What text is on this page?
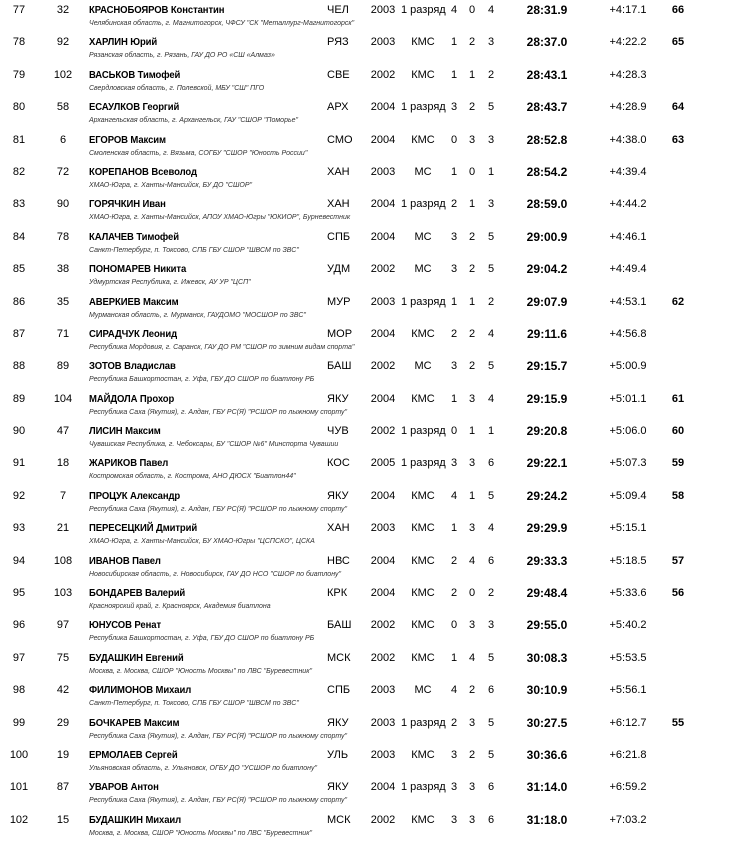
77	32	КРАСНОБОЯРОВ Константин	ЧЕЛ	2003 1 разряд 4 0 4	28:31.9	+4:17.1	66
Челябинская область, г. Магнитогорск, ЧФСУ "СК "Металлург-Магнитогорск"
78	92	ХАРЛИН Юрий	РЯЗ	2003	КМС	1 2 3	28:37.0	+4:22.2	65
Рязанская область, г. Рязань, ГАУ ДО РО «СШ «Алмаз»
79	102	ВАСЬКОВ Тимофей	СВЕ	2002	КМС	1 1 2	28:43.1	+4:28.3
Свердловская область, г. Полевской, МБУ "СШ" ПГО
80	58	ЕСАУЛКОВ Георгий	АРХ	2004 1 разряд 3 2 5	28:43.7	+4:28.9	64
Архангельская область, г. Архангельск, ГАУ "СШОР "Поморье"
81	6	ЕГОРОВ Максим	СМО	2004	КМС	0 3 3	28:52.8	+4:38.0	63
Смоленская область, г. Вязьма, СОГБУ "СШОР "Юность России"
82	72	КОРЕПАНОВ Всеволод	ХАН	2003	МС	1 0 1	28:54.2	+4:39.4
ХМАО-Югра, г. Ханты-Мансийск, БУ ДО "СШОР"
83	90	ГОРЯЧКИН Иван	ХАН	2004 1 разряд 2 1 3	28:59.0	+4:44.2
ХМАО-Югра, г. Ханты-Мансийск, АПОУ ХМАО-Югры "ЮКИОР", Бурневестник
84	78	КАЛАЧЕВ Тимофей	СПБ	2004	МС	3 2 5	29:00.9	+4:46.1
Санкт-Петербург, п. Токсово, СПБ ГБУ СШОР "ШВСМ по ЗВС"
85	38	ПОНОМАРЕВ Никита	УДМ	2002	МС	3 2 5	29:04.2	+4:49.4
Удмуртская Республика, г. Ижевск, АУ УР "ЦСП"
86	35	АВЕРКИЕВ Максим	МУР	2003 1 разряд 1 1 2	29:07.9	+4:53.1	62
Мурманская область, г. Мурманск, ГАУДОМО "МОСШОР по ЗВС"
87	71	СИРАДЧУК Леонид	МОР	2004	КМС	2 2 4	29:11.6	+4:56.8
Республика Мордовия, г. Саранск, ГАУ ДО РМ "СШОР по зимним видам спорта"
88	89	ЗОТОВ Владислав	БАШ	2002	МС	3 2 5	29:15.7	+5:00.9
Республика Башкортостан, г. Уфа, ГБУ ДО СШОР по биатлону РБ
89	104	МАЙДОЛА Прохор	ЯКУ	2004	КМС	1 3 4	29:15.9	+5:01.1	61
Республика Саха (Якутия), г. Алдан, ГБУ РС(Я) "РСШОР по лыжному спорту"
90	47	ЛИСИН Максим	ЧУВ	2002 1 разряд 0 1 1	29:20.8	+5:06.0	60
Чувашская Республика, г. Чебоксары, БУ "СШОР №6" Минспорта Чувашии
91	18	ЖАРИКОВ Павел	КОС	2005 1 разряд 3 3 6	29:22.1	+5:07.3	59
Костромская область, г. Кострома, АНО ДЮСХ "Биатлон44"
92	7	ПРОЦУК Александр	ЯКУ	2004	КМС	4 1 5	29:24.2	+5:09.4	58
Республика Саха (Якутия), г. Алдан, ГБУ РС(Я) "РСШОР по лыжному спорту"
93	21	ПЕРЕСЕЦКИЙ Дмитрий	ХАН	2003	КМС	1 3 4	29:29.9	+5:15.1
ХМАО-Югра, г. Ханты-Мансийск, БУ ХМАО-Югры "ЦСПСКО", ЦСКА
94	108	ИВАНОВ Павел	НВС	2004	КМС	2 4 6	29:33.3	+5:18.5	57
Новосибирская область, г. Новосибирск, ГАУ ДО НСО "СШОР по биатлону"
95	103	БОНДАРЕВ Валерий	КРК	2004	КМС	2 0 2	29:48.4	+5:33.6	56
Красноярский край, г. Красноярск, Академия биатлона
96	97	ЮНУСОВ Ренат	БАШ	2002	КМС	0 3 3	29:55.0	+5:40.2
Республика Башкортостан, г. Уфа, ГБУ ДО СШОР по биатлону РБ
97	75	БУДАШКИН Евгений	МСК	2002	КМС	1 4 5	30:08.3	+5:53.5
Москва, г. Москва, СШОР "Юность Москвы" по ЛВС "Буревестник"
98	42	ФИЛИМОНОВ Михаил	СПБ	2003	МС	4 2 6	30:10.9	+5:56.1
Санкт-Петербург, п. Токсово, СПБ ГБУ СШОР "ШВСМ по ЗВС"
99	29	БОЧКАРЕВ Максим	ЯКУ	2003 1 разряд 2 3 5	30:27.5	+6:12.7	55
Республика Саха (Якутия), г. Алдан, ГБУ РС(Я) "РСШОР по лыжному спорту"
100	19	ЕРМОЛАЕВ Сергей	УЛЬ	2003	КМС	3 2 5	30:36.6	+6:21.8
Ульяновская область, г. Ульяновск, ОГБУ ДО "УСШОР по биатлону"
101	87	УВАРОВ Антон	ЯКУ	2004 1 разряд 3 3 6	31:14.0	+6:59.2
Республика Саха (Якутия), г. Алдан, ГБУ РС(Я) "РСШОР по лыжному спорту"
102	15	БУДАШКИН Михаил	МСК	2002	КМС	3 3 6	31:18.0	+7:03.2
Москва, г. Москва, СШОР "Юность Москвы" по ЛВС "Буревестник"
